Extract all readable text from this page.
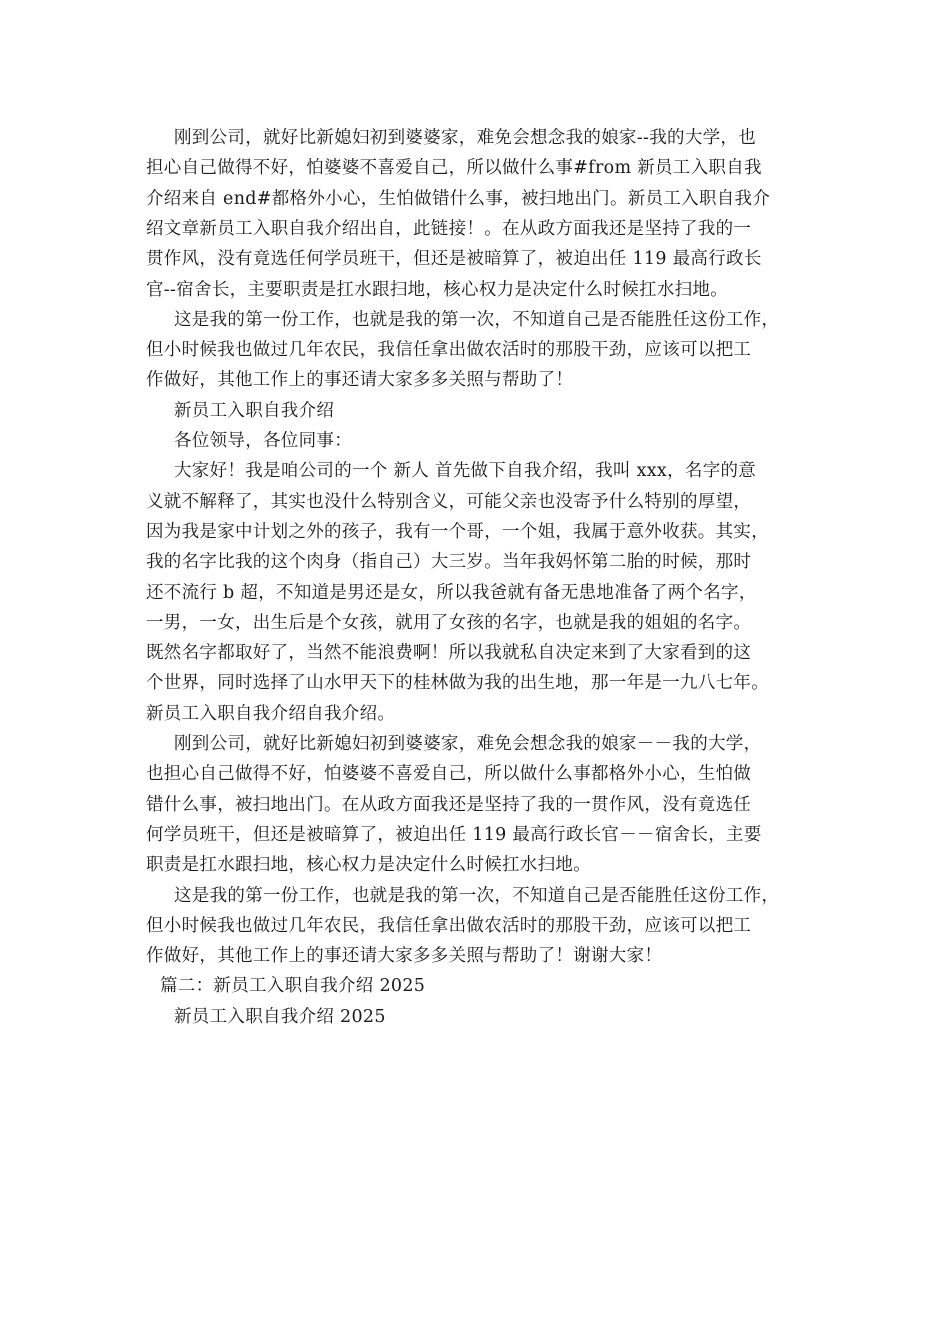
刚到公司，就好比新媳妇初到婆婆家，难免会想念我的娘家--我的大学，也
担心自己做得不好，怕婆婆不喜爱自己，所以做什么事#from 新员工入职自我
介绍来自 end#都格外小心，生怕做错什么事，被扫地出门。新员工入职自我介
绍文章新员工入职自我介绍出自，此链接！。在从政方面我还是坚持了我的一
贯作风，没有竟选任何学员班干，但还是被暗算了，被迫出任 119 最高行政长
官--宿舍长，主要职责是扛水跟扫地，核心权力是决定什么时候扛水扫地。
这是我的第一份工作，也就是我的第一次，不知道自己是否能胜任这份工作，
但小时候我也做过几年农民，我信任拿出做农活时的那股干劲，应该可以把工
作做好，其他工作上的事还请大家多多关照与帮助了！
新员工入职自我介绍
各位领导，各位同事：
大家好！我是咱公司的一个 新人 首先做下自我介绍，我叫 xxx，名字的意
义就不解释了，其实也没什么特别含义，可能父亲也没寄予什么特别的厚望，
因为我是家中计划之外的孩子，我有一个哥，一个姐，我属于意外收获。其实，
我的名字比我的这个肉身（指自己）大三岁。当年我妈怀第二胎的时候，那时
还不流行 b 超，不知道是男还是女，所以我爸就有备无患地准备了两个名字，
一男，一女，出生后是个女孩，就用了女孩的名字，也就是我的姐姐的名字。
既然名字都取好了，当然不能浪费啊！所以我就私自决定来到了大家看到的这
个世界，同时选择了山水甲天下的桂林做为我的出生地，那一年是一九八七年。
新员工入职自我介绍自我介绍。
刚到公司，就好比新媳妇初到婆婆家，难免会想念我的娘家－－我的大学，
也担心自己做得不好，怕婆婆不喜爱自己，所以做什么事都格外小心，生怕做
错什么事，被扫地出门。在从政方面我还是坚持了我的一贯作风，没有竟选任
何学员班干，但还是被暗算了，被迫出任 119 最高行政长官－－宿舍长，主要
职责是扛水跟扫地，核心权力是决定什么时候扛水扫地。
这是我的第一份工作，也就是我的第一次，不知道自己是否能胜任这份工作，
但小时候我也做过几年农民，我信任拿出做农活时的那股干劲，应该可以把工
作做好，其他工作上的事还请大家多多关照与帮助了！谢谢大家！
篇二：新员工入职自我介绍 2025
新员工入职自我介绍 2025
